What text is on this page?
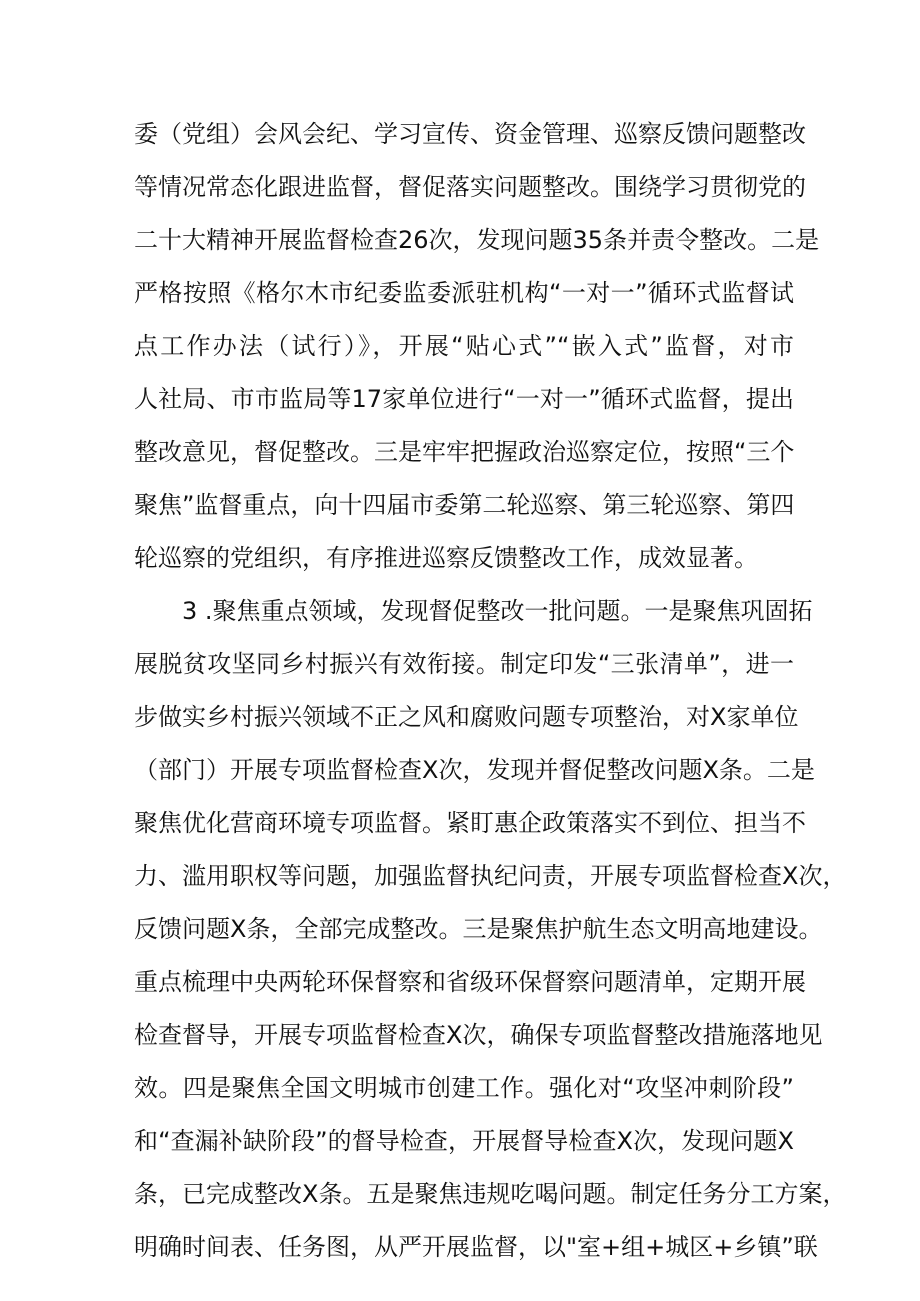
委（党组）会风会纪、学习宣传、资金管理、巡察反馈问题整改
等情况常态化跟进监督，督促落实问题整改。围绕学习贯彻党的
二十大精神开展监督检查26次，发现问题35条并责令整改。二是
严格按照《格尔木市纪委监委派驻机构“一对一”循环式监督试
点工作办法（试行）》，开展“贴心式”“嵌入式”监督，对市
人社局、市市监局等17家单位进行“一对一”循环式监督，提出
整改意见，督促整改。三是牢牢把握政治巡察定位，按照“三个
聚焦”监督重点，向十四届市委第二轮巡察、第三轮巡察、第四
轮巡察的党组织，有序推进巡察反馈整改工作，成效显著。
3 .聚焦重点领域，发现督促整改一批问题。一是聚焦巩固拓
展脱贫攻坚同乡村振兴有效衔接。制定印发“三张清单”，进一
步做实乡村振兴领域不正之风和腐败问题专项整治，对X家单位
（部门）开展专项监督检查X次，发现并督促整改问题X条。二是
聚焦优化营商环境专项监督。紧盯惠企政策落实不到位、担当不
力、滥用职权等问题，加强监督执纪问责，开展专项监督检查X次，
反馈问题X条，全部完成整改。三是聚焦护航生态文明高地建设。
重点梳理中央两轮环保督察和省级环保督察问题清单，定期开展
检查督导，开展专项监督检查X次，确保专项监督整改措施落地见
效。四是聚焦全国文明城市创建工作。强化对“攻坚冲刺阶段”
和“查漏补缺阶段”的督导检查，开展督导检查X次，发现问题X
条，已完成整改X条。五是聚焦违规吃喝问题。制定任务分工方案，
明确时间表、任务图，从严开展监督，以"室+组+城区+乡镇”联
